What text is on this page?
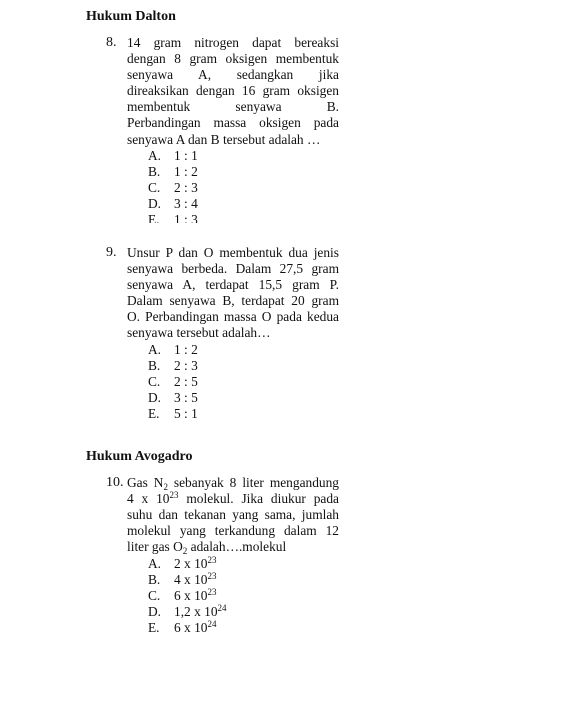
Hukum Dalton
8. 14 gram nitrogen dapat bereaksi
dengan 8 gram oksigen membentuk
senyawa A, sedangkan jika
direaksikan dengan 16 gram oksigen
membentuk senyawa B.
Perbandingan massa oksigen pada
senyawa A dan B tersebut adalah …
A. 1 : 1
B. 1 : 2
C. 2 : 3
D. 3 : 4
E. 1 : 3
9. Unsur P dan O membentuk dua jenis
senyawa berbeda. Dalam 27,5 gram
senyawa A, terdapat 15,5 gram P.
Dalam senyawa B, terdapat 20 gram
O. Perbandingan massa O pada kedua
senyawa tersebut adalah…
A. 1 : 2
B. 2 : 3
C. 2 : 5
D. 3 : 5
E. 5 : 1
Hukum Avogadro
10. Gas $N_2$ sebanyak 8 liter mengandung
4 x $10^{23}$ molekul. Jika diukur pada
suhu dan tekanan yang sama, jumlah
molekul yang terkandung dalam 12
liter gas $O_2$ adalah….molekul
A. 2 x $10^{23}$
B. 4 x $10^{23}$
C. 6 x $10^{23}$
D. 1,2 x $10^{24}$
E. 6 x $10^{24}$
